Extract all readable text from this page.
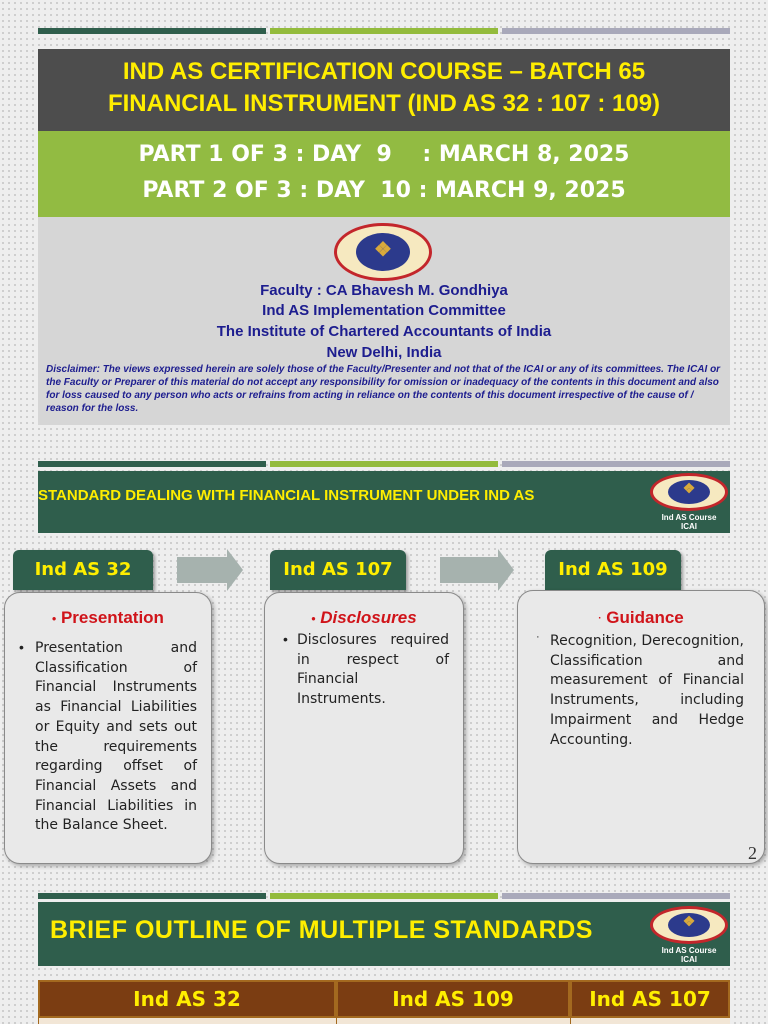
IND AS CERTIFICATION COURSE – BATCH 65
FINANCIAL INSTRUMENT (IND AS 32 : 107 : 109)
PART 1 OF 3 : DAY  9    : MARCH 8, 2025
PART 2 OF 3 : DAY  10 : MARCH 9, 2025
❖
Faculty : CA Bhavesh M. Gondhiya
Ind AS Implementation Committee
The Institute of Chartered Accountants of India
New Delhi, India
Disclaimer: The views expressed herein are solely those of the Faculty/Presenter and not that of the ICAI or any of its committees. The ICAI or the Faculty or Preparer of this material do not accept any responsibility for omission or inadequacy of the contents in this document and also for loss caused to any person who acts or refrains from acting in reliance on the contents of this document irrespective of the cause of / reason for the loss.
STANDARD DEALING WITH FINANCIAL INSTRUMENT UNDER IND AS	❖
Ind AS Course
ICAI
Ind AS 32	Ind AS 107	Ind AS 109
• Presentation
• Presentation and Classification of Financial Instruments as Financial Liabilities or Equity and sets out the requirements regarding offset of Financial Assets and Financial Liabilities in the Balance Sheet.
• Disclosures
• Disclosures required in respect of Financial Instruments.
· Guidance
· Recognition, Derecognition, Classification and measurement of Financial Instruments, including Impairment and Hedge Accounting.
2
BRIEF OUTLINE OF MULTIPLE STANDARDS	❖
Ind AS Course
ICAI
Ind AS 32	Ind AS 109	Ind AS 107
